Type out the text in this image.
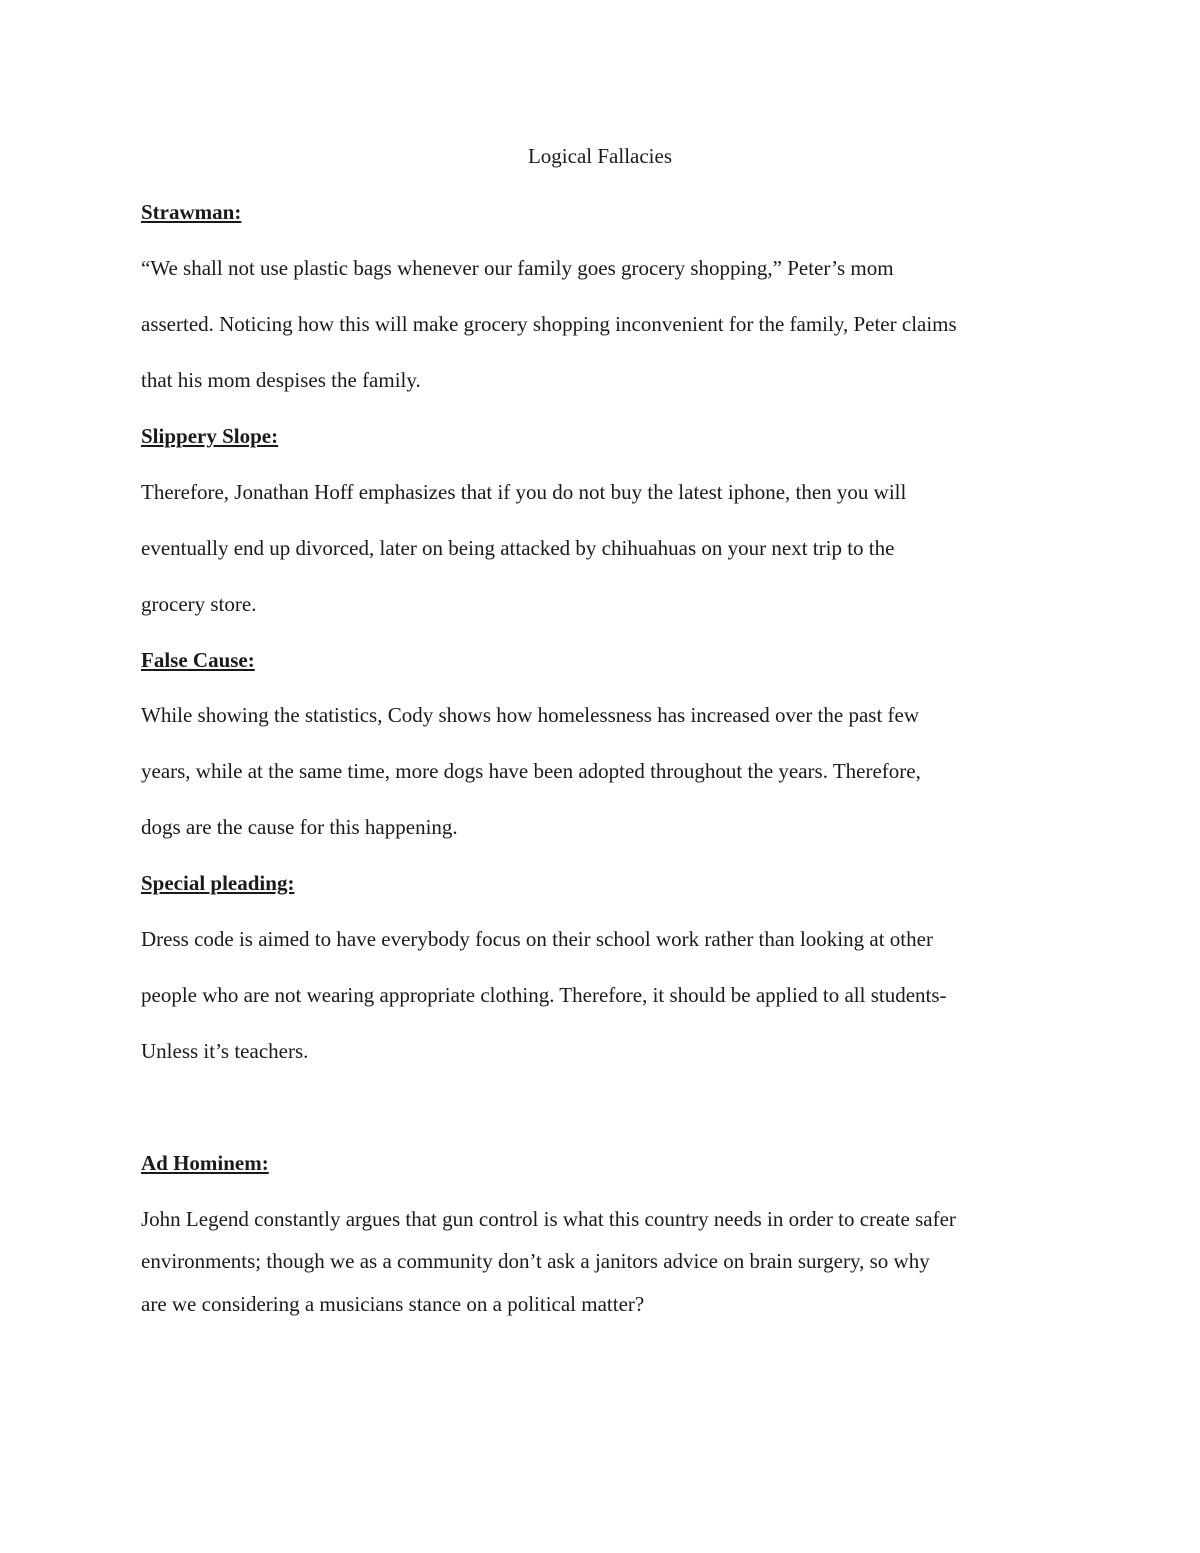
Logical Fallacies
Strawman:

“We shall not use plastic bags whenever our family goes grocery shopping,” Peter’s mom

asserted. Noticing how this will make grocery shopping inconvenient for the family, Peter claims

that his mom despises the family.

Slippery Slope:

Therefore, Jonathan Hoff emphasizes that if you do not buy the latest iphone, then you will

eventually end up divorced, later on being attacked by chihuahuas on your next trip to the

grocery store.

False Cause:

While showing the statistics, Cody shows how homelessness has increased over the past few

years, while at the same time, more dogs have been adopted throughout the years. Therefore,

dogs are the cause for this happening.

Special pleading:

Dress code is aimed to have everybody focus on their school work rather than looking at other

people who are not wearing appropriate clothing. Therefore, it should be applied to all students-

Unless it’s teachers.

Ad Hominem:

John Legend constantly argues that gun control is what this country needs in order to create safer

environments; though we as a community don’t ask a janitors advice on brain surgery, so why

are we considering a musicians stance on a political matter?
